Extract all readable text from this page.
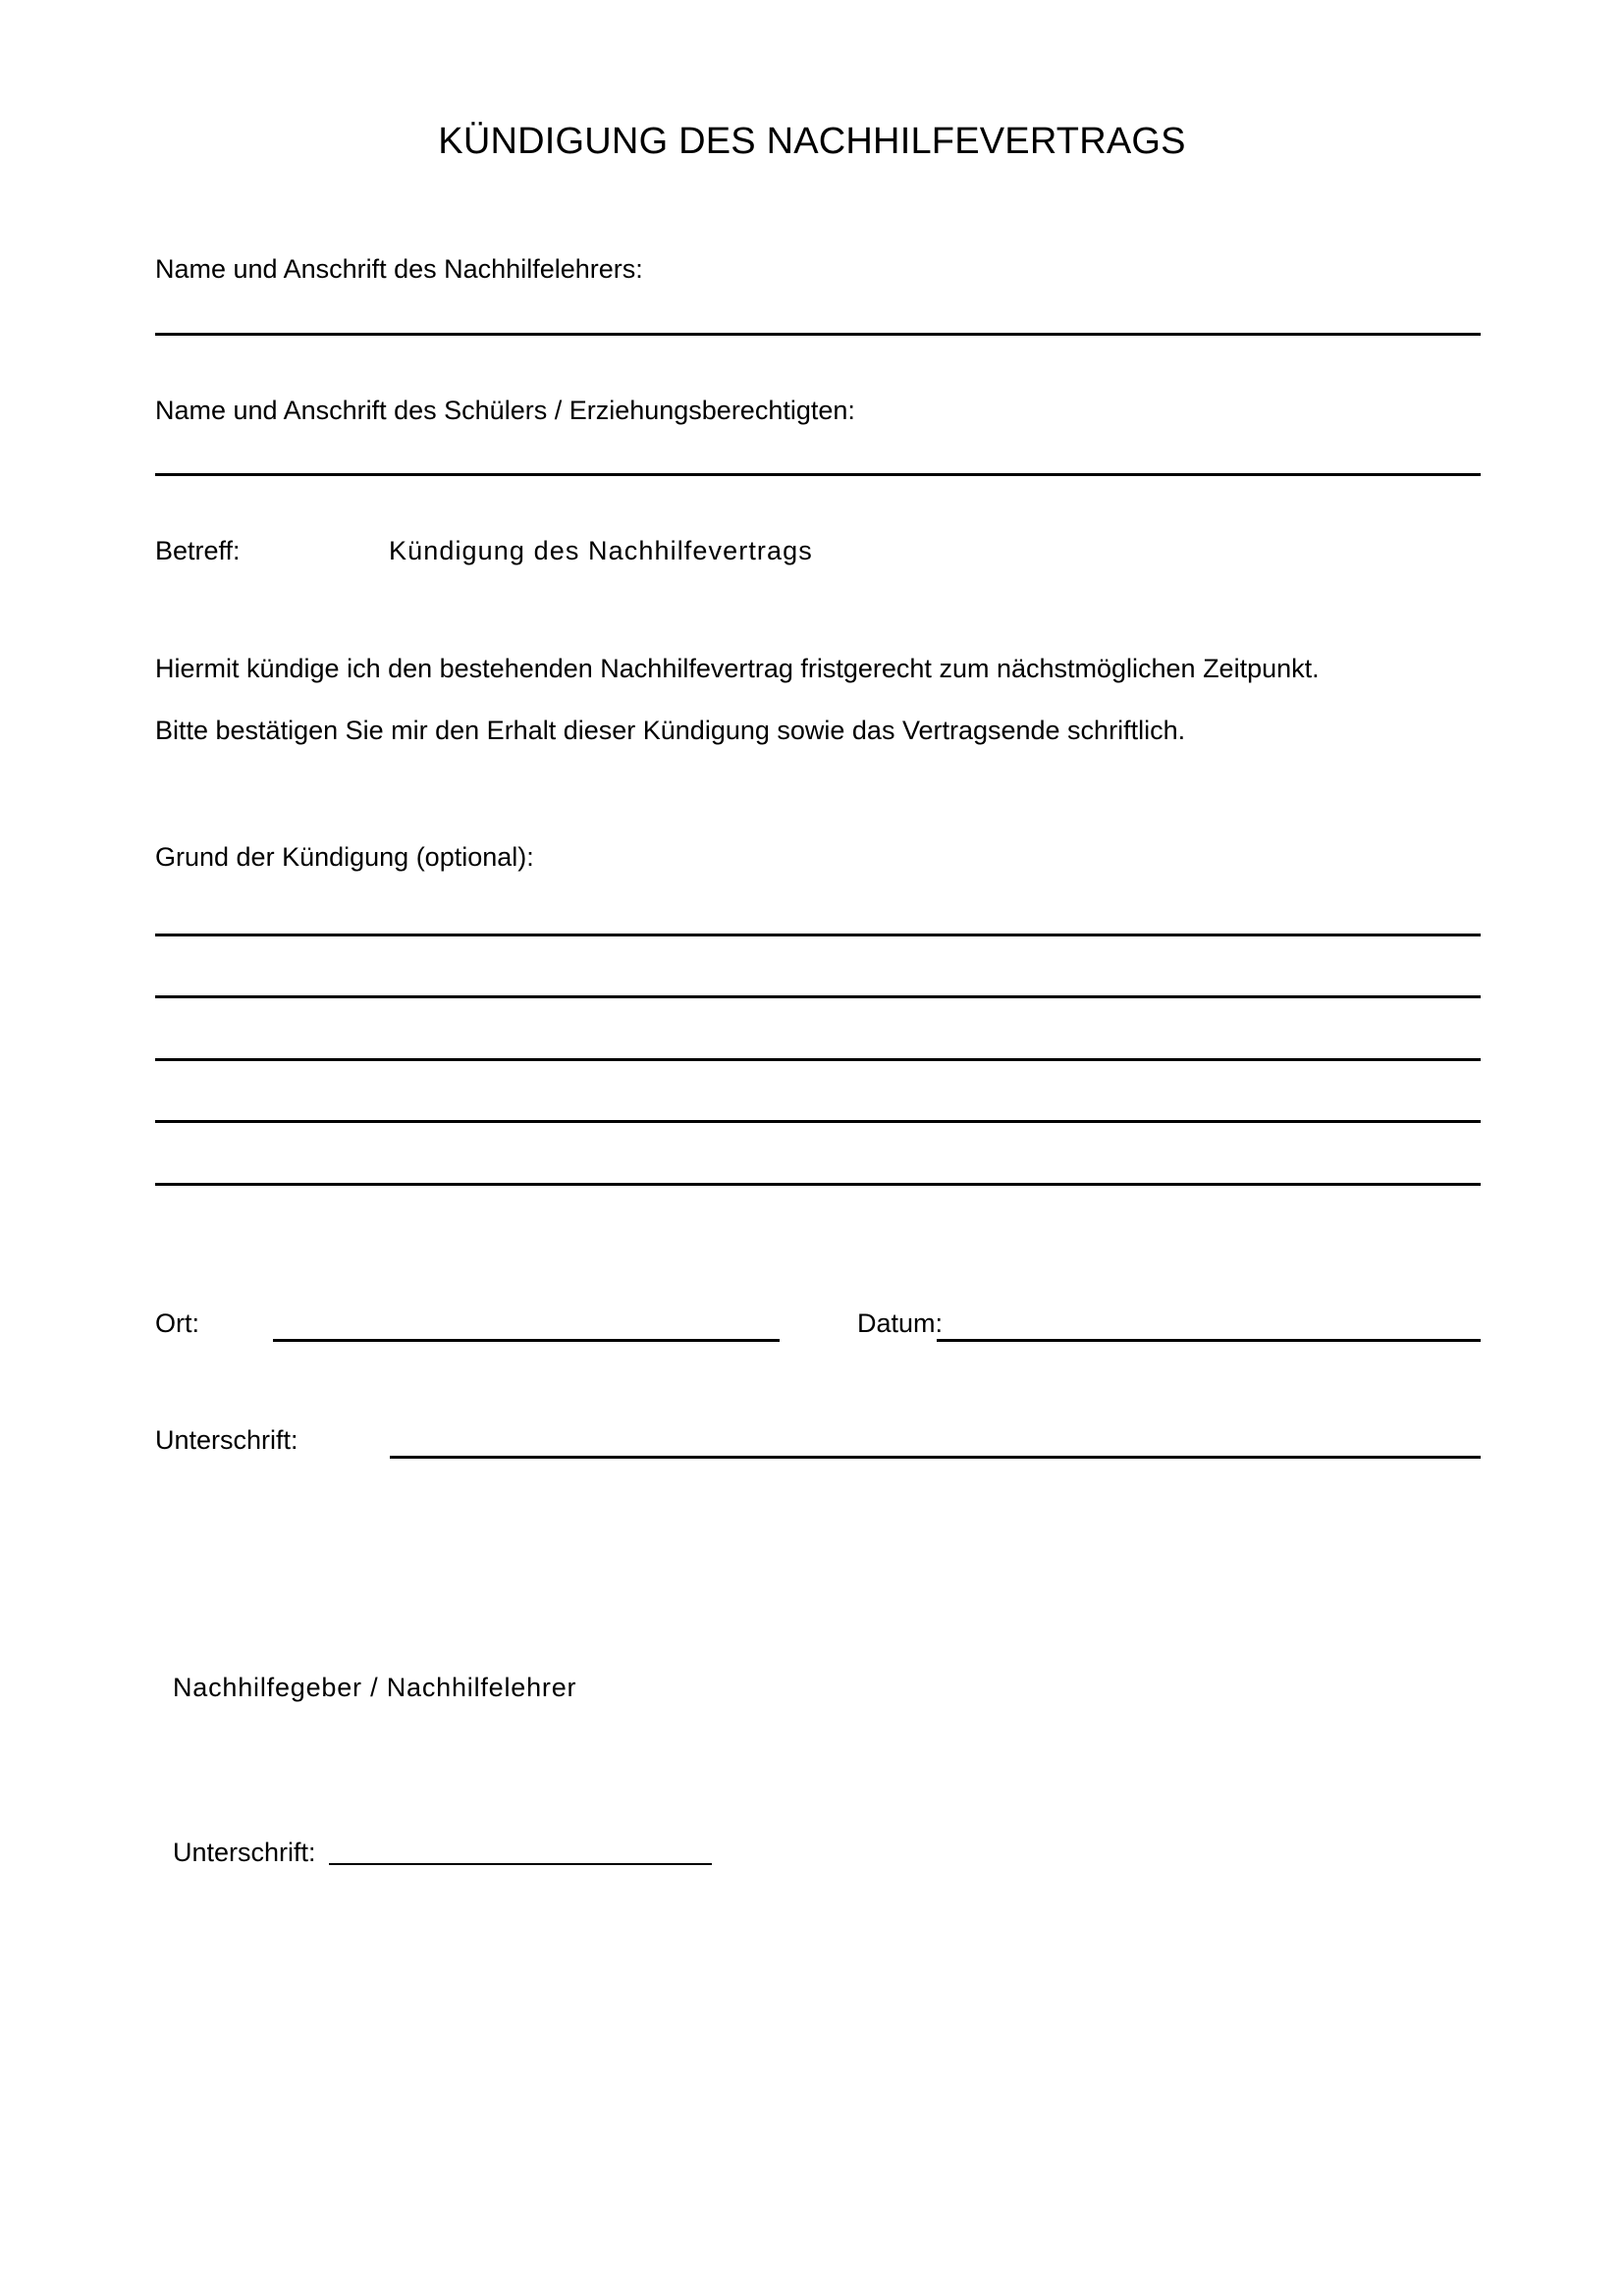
KÜNDIGUNG DES NACHHILFEVERTRAGS
Name und Anschrift des Nachhilfelehrers:
Name und Anschrift des Schülers / Erziehungsberechtigten:
Betreff:	Kündigung des Nachhilfevertrags
Hiermit kündige ich den bestehenden Nachhilfevertrag fristgerecht zum nächstmöglichen Zeitpunkt.
Bitte bestätigen Sie mir den Erhalt dieser Kündigung sowie das Vertragsende schriftlich.
Grund der Kündigung (optional):
Ort:	Datum:
Unterschrift:
Nachhilfegeber / Nachhilfelehrer
Unterschrift:
